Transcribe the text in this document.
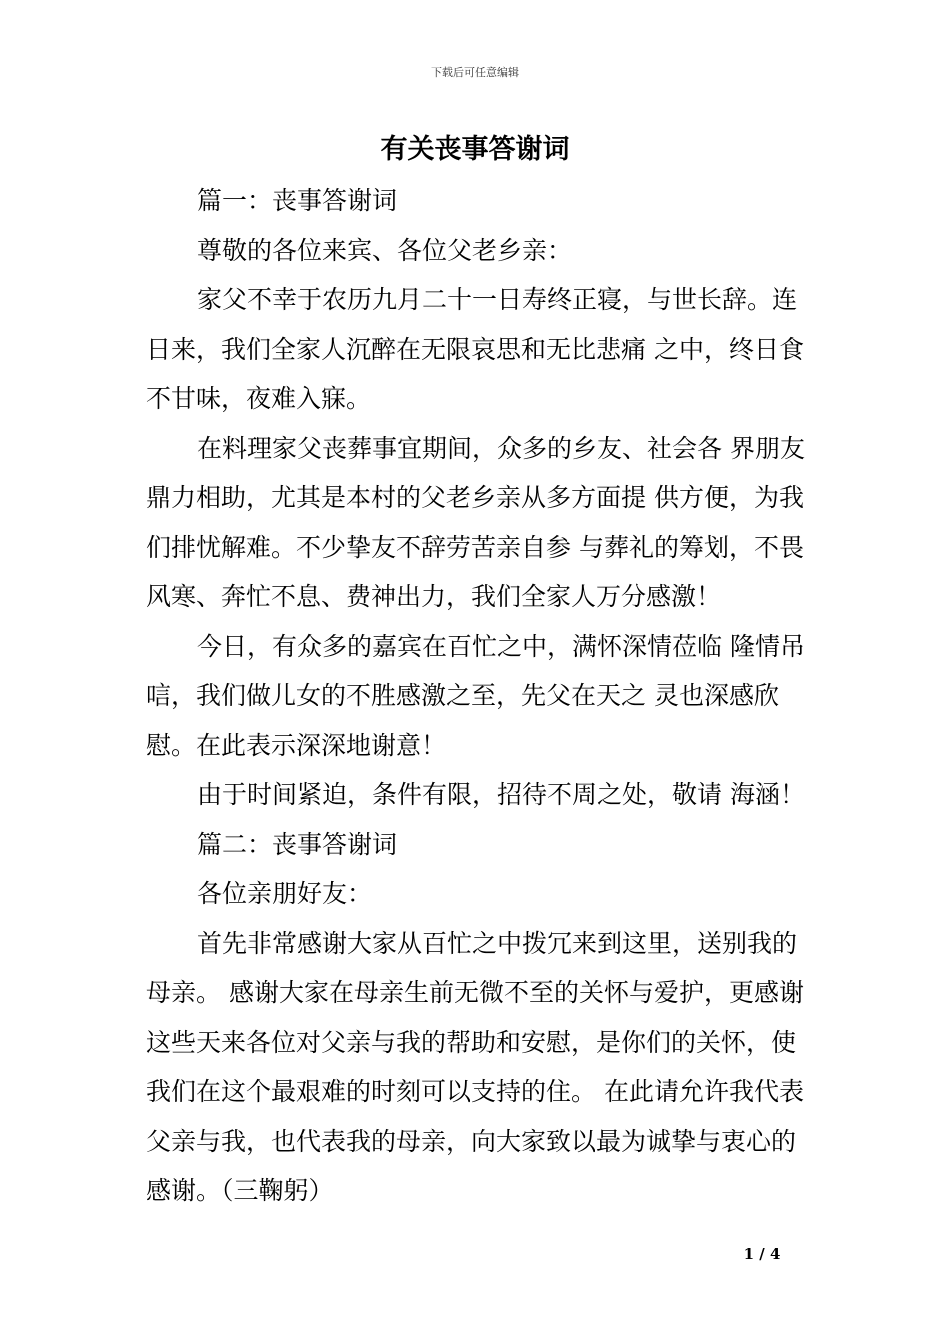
下载后可任意编辑
有关丧事答谢词

篇一：丧事答谢词

尊敬的各位来宾、各位父老乡亲：

家父不幸于农历九月二十一日寿终正寝，与世长辞。连日来，我们全家人沉醉在无限哀思和无比悲痛 之中，终日食不甘味，夜难入寐。

在料理家父丧葬事宜期间，众多的乡友、社会各 界朋友鼎力相助，尤其是本村的父老乡亲从多方面提 供方便，为我们排忧解难。不少挚友不辞劳苦亲自参 与葬礼的筹划，不畏风寒、奔忙不息、费神出力，我们全家人万分感激！

今日，有众多的嘉宾在百忙之中，满怀深情莅临 隆情吊唁，我们做儿女的不胜感激之至，先父在天之 灵也深感欣慰。在此表示深深地谢意！

由于时间紧迫，条件有限，招待不周之处，敬请 海涵！

篇二：丧事答谢词

各位亲朋好友：

首先非常感谢大家从百忙之中拨冗来到这里，送别我的母亲。 感谢大家在母亲生前无微不至的关怀与爱护，更感谢这些天来各位对父亲与我的帮助和安慰，是你们的关怀，使我们在这个最艰难的时刻可以支持的住。 在此请允许我代表父亲与我，也代表我的母亲，向大家致以最为诚挚与衷心的感谢。（三鞠躬）

1 / 4
